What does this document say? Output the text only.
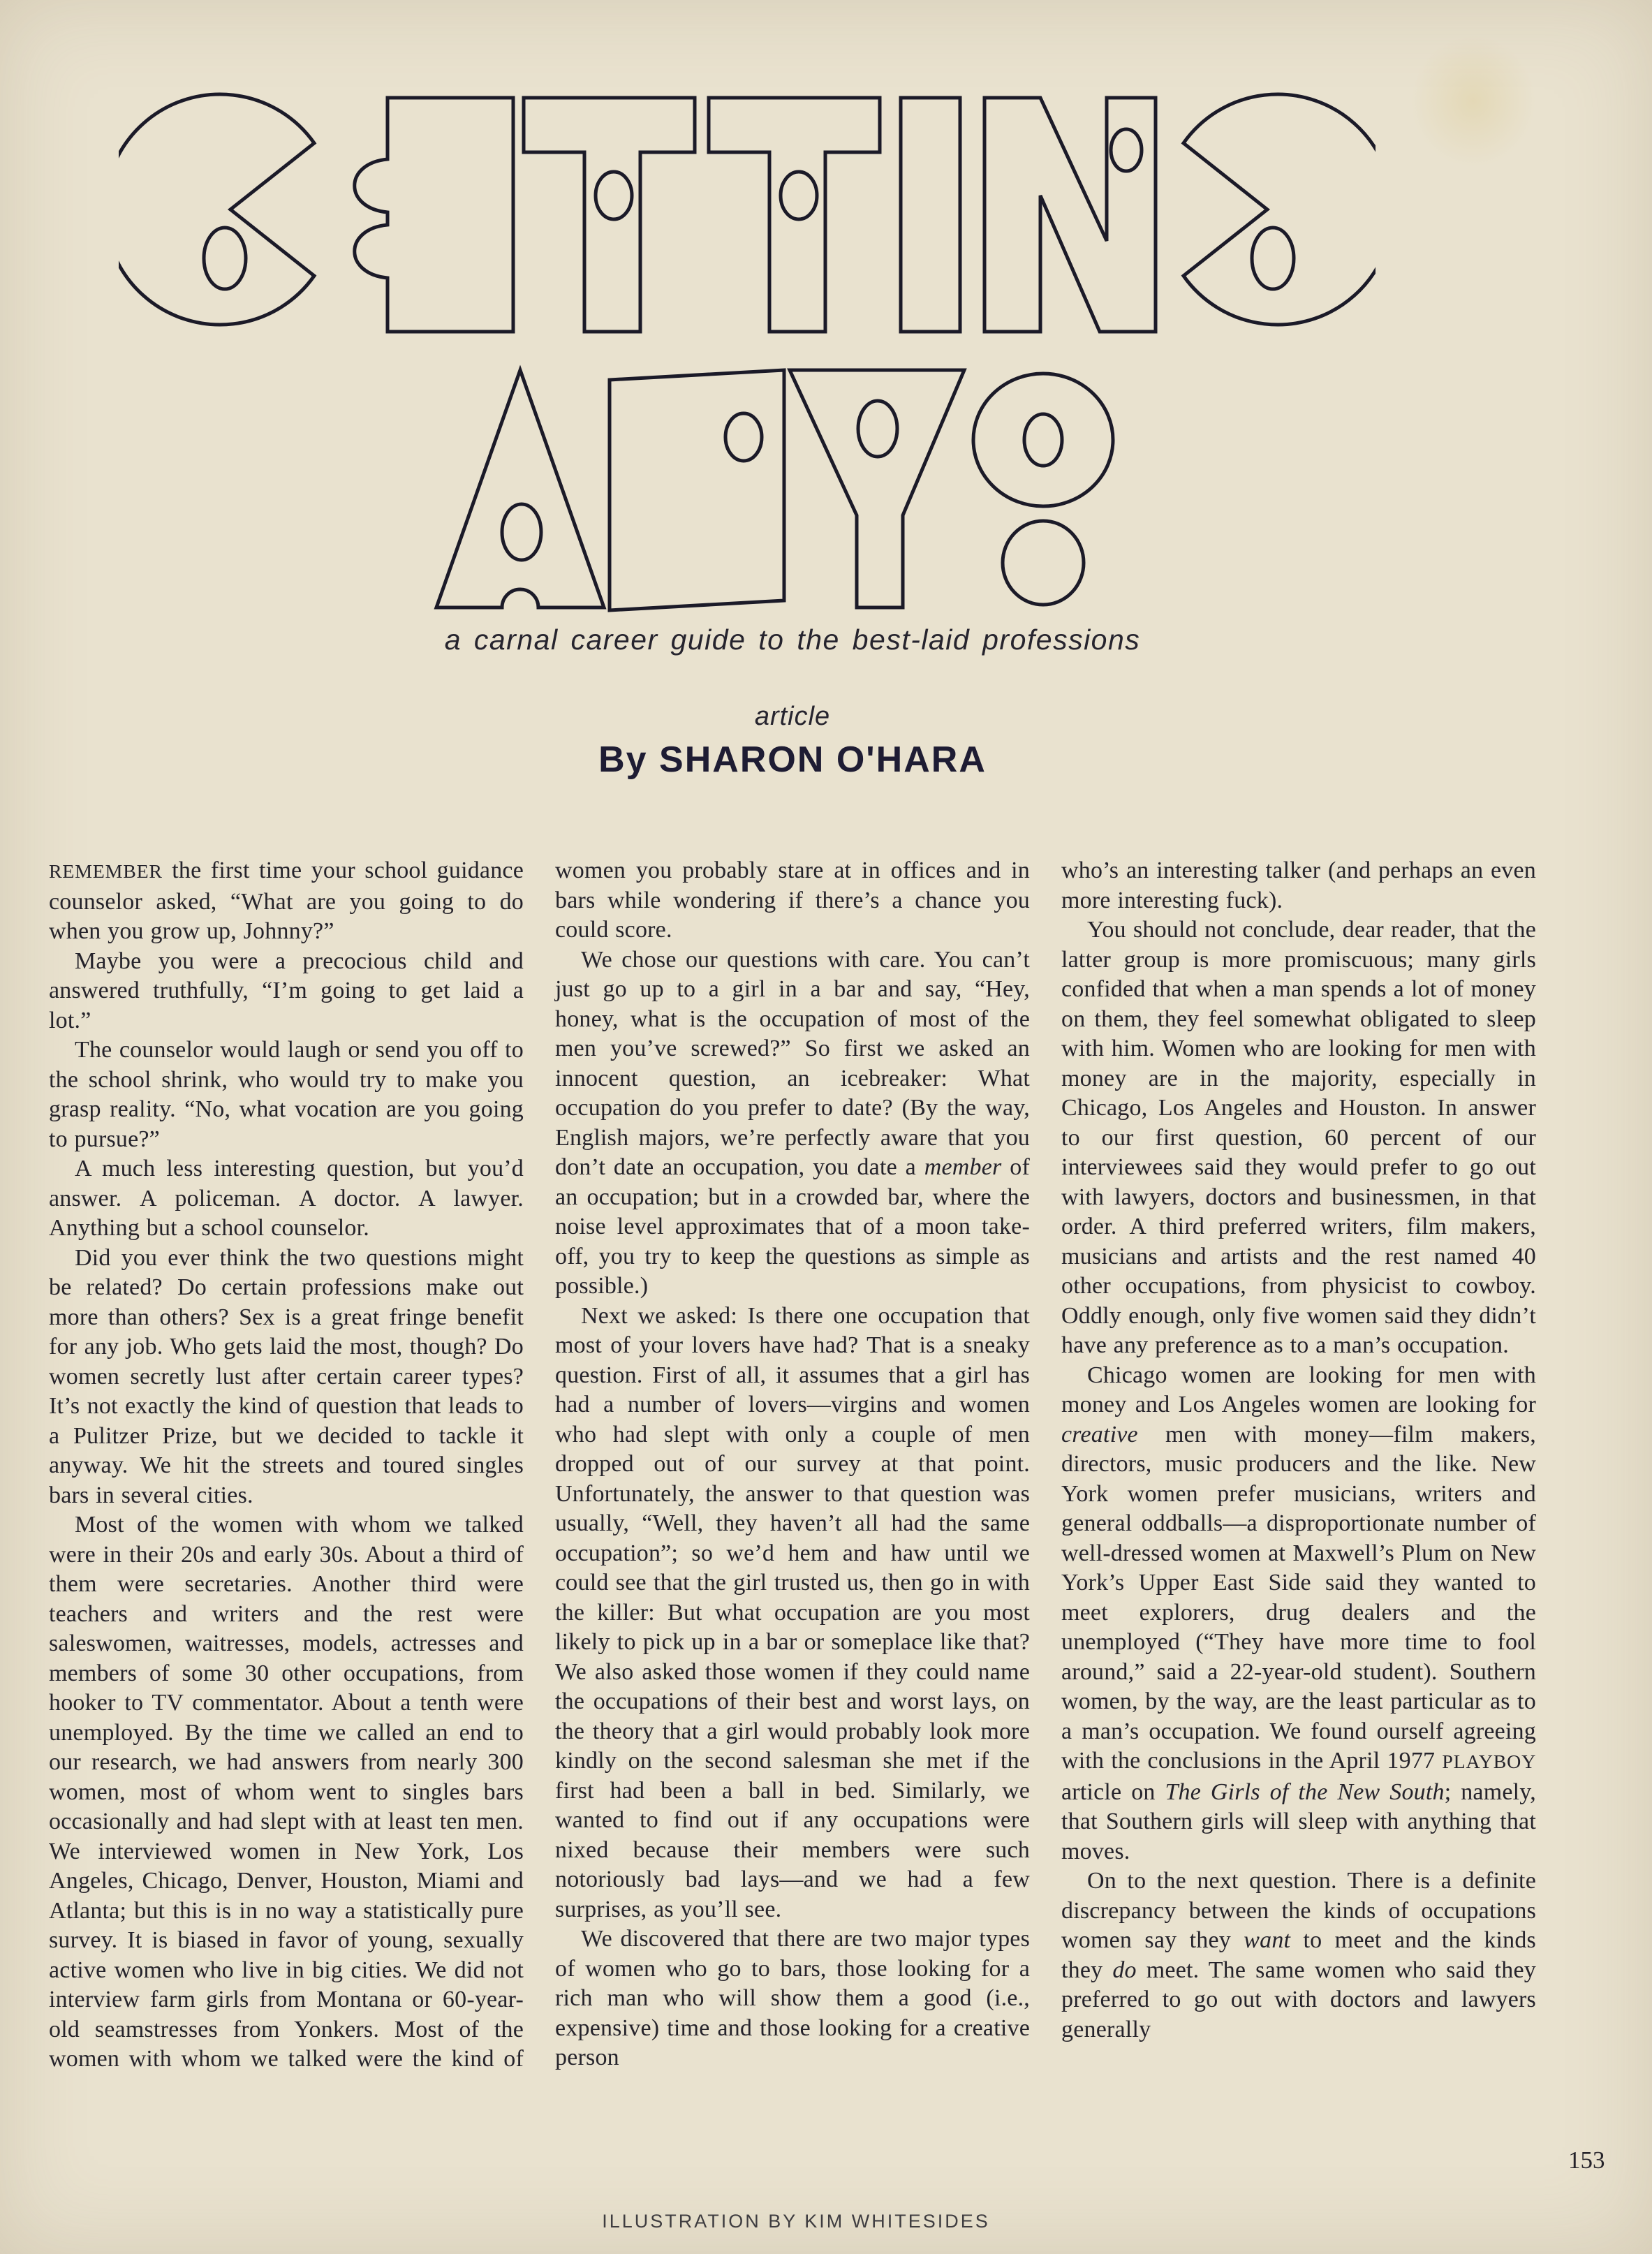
a carnal career guide to the best-laid professions
article
By SHARON O'HARA

REMEMBER the first time your school guidance counselor asked, “What are you going to do when you grow up, Johnny?”

Maybe you were a precocious child and answered truthfully, “I’m going to get laid a lot.”

The counselor would laugh or send you off to the school shrink, who would try to make you grasp reality. “No, what vocation are you going to pursue?”

A much less interesting question, but you’d answer. A policeman. A doctor. A lawyer. Anything but a school counselor.

Did you ever think the two questions might be related? Do certain professions make out more than others? Sex is a great fringe benefit for any job. Who gets laid the most, though? Do women secretly lust after certain career types? It’s not exactly the kind of question that leads to a Pulitzer Prize, but we decided to tackle it anyway. We hit the streets and toured singles bars in several cities.

Most of the women with whom we talked were in their 20s and early 30s. About a third of them were secretaries. Another third were teachers and writers and the rest were saleswomen, waitresses, models, actresses and members of some 30 other occupations, from hooker to TV commentator. About a tenth were unemployed. By the time we called an end to our research, we had answers from nearly 300 women, most of whom went to singles bars occasionally and had slept with at least ten men. We interviewed women in New York, Los Angeles, Chicago, Denver, Houston, Miami and Atlanta; but this is in no way a statistically pure survey. It is biased in favor of young, sexually active women who live in big cities. We did not interview farm girls from Montana or 60-year-old seamstresses from Yonkers. Most of the women with whom we talked were the kind of

women you probably stare at in offices and in bars while wondering if there’s a chance you could score.

We chose our questions with care. You can’t just go up to a girl in a bar and say, “Hey, honey, what is the occupation of most of the men you’ve screwed?” So first we asked an innocent question, an icebreaker: What occupation do you prefer to date? (By the way, English majors, we’re perfectly aware that you don’t date an occupation, you date a member of an occupation; but in a crowded bar, where the noise level approximates that of a moon take-off, you try to keep the questions as simple as possible.)

Next we asked: Is there one occupation that most of your lovers have had? That is a sneaky question. First of all, it assumes that a girl has had a number of lovers—virgins and women who had slept with only a couple of men dropped out of our survey at that point. Unfortunately, the answer to that question was usually, “Well, they haven’t all had the same occupation”; so we’d hem and haw until we could see that the girl trusted us, then go in with the killer: But what occupation are you most likely to pick up in a bar or someplace like that? We also asked those women if they could name the occupations of their best and worst lays, on the theory that a girl would probably look more kindly on the second salesman she met if the first had been a ball in bed. Similarly, we wanted to find out if any occupations were nixed because their members were such notoriously bad lays—and we had a few surprises, as you’ll see.

We discovered that there are two major types of women who go to bars, those looking for a rich man who will show them a good (i.e., expensive) time and those looking for a creative person

who’s an interesting talker (and perhaps an even more interesting fuck).

You should not conclude, dear reader, that the latter group is more promiscuous; many girls confided that when a man spends a lot of money on them, they feel somewhat obligated to sleep with him. Women who are looking for men with money are in the majority, especially in Chicago, Los Angeles and Houston. In answer to our first question, 60 percent of our interviewees said they would prefer to go out with lawyers, doctors and businessmen, in that order. A third preferred writers, film makers, musicians and artists and the rest named 40 other occupations, from physicist to cowboy. Oddly enough, only five women said they didn’t have any preference as to a man’s occupation.

Chicago women are looking for men with money and Los Angeles women are looking for creative men with money—film makers, directors, music producers and the like. New York women prefer musicians, writers and general oddballs—a disproportionate number of well-dressed women at Maxwell’s Plum on New York’s Upper East Side said they wanted to meet explorers, drug dealers and the unemployed (“They have more time to fool around,” said a 22-year-old student). Southern women, by the way, are the least particular as to a man’s occupation. We found ourself agreeing with the conclusions in the April 1977 PLAYBOY article on The Girls of the New South; namely, that Southern girls will sleep with anything that moves.

On to the next question. There is a definite discrepancy between the kinds of occupations women say they want to meet and the kinds they do meet. The same women who said they preferred to go out with doctors and lawyers generally

153
ILLUSTRATION BY KIM WHITESIDES
